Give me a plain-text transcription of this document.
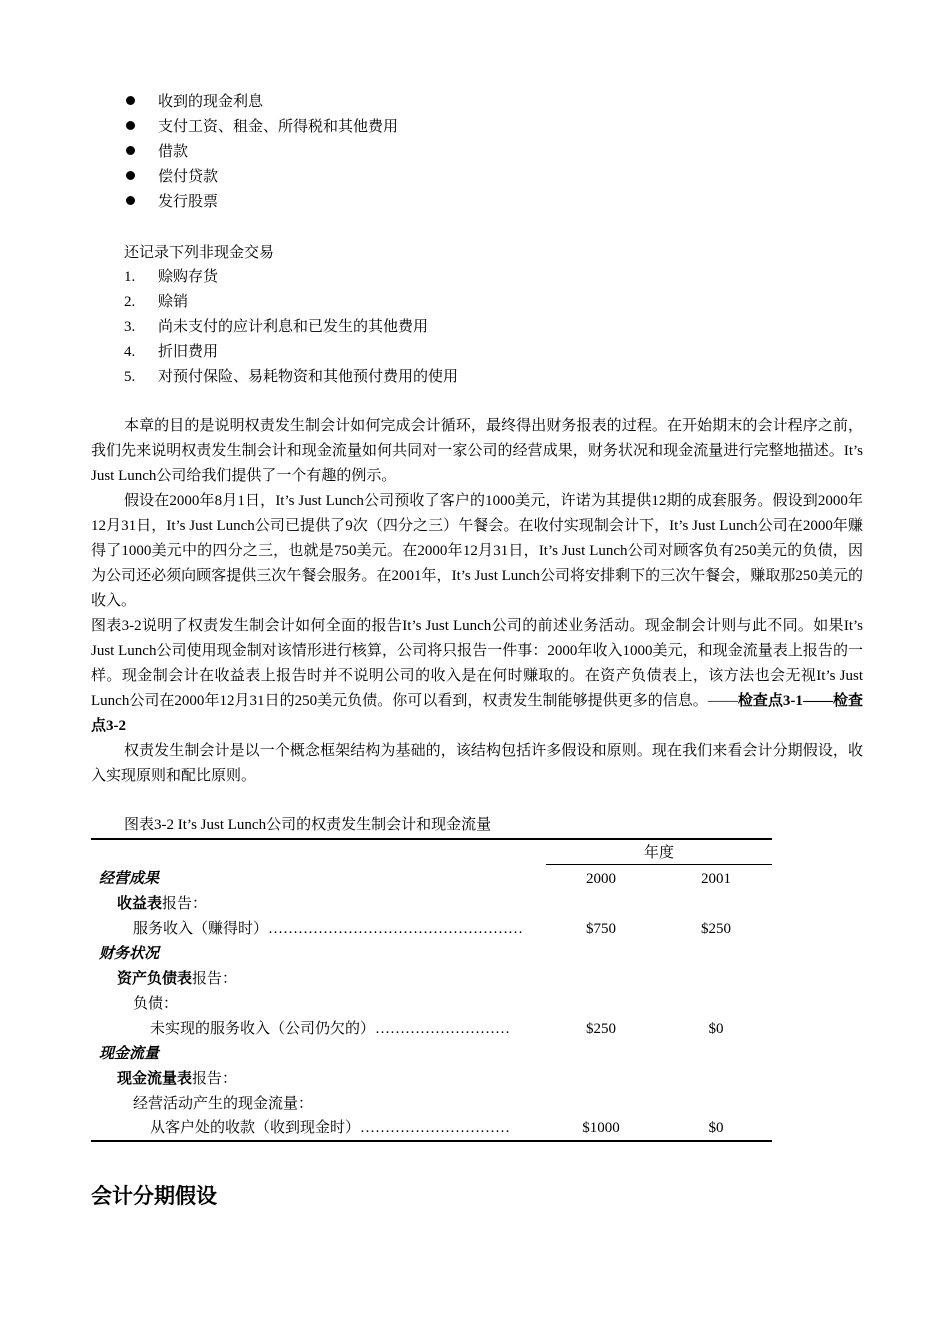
收到的现金利息
支付工资、租金、所得税和其他费用
借款
偿付贷款
发行股票
还记录下列非现金交易
1. 赊购存货
2. 赊销
3. 尚未支付的应计利息和已发生的其他费用
4. 折旧费用
5. 对预付保险、易耗物资和其他预付费用的使用

本章的目的是说明权责发生制会计如何完成会计循环，最终得出财务报表的过程。在开始期末的会计程序之前，我们先来说明权责发生制会计和现金流量如何共同对一家公司的经营成果，财务状况和现金流量进行完整地描述。It’s Just Lunch公司给我们提供了一个有趣的例示。

假设在2000年8月1日，It’s Just Lunch公司预收了客户的1000美元，许诺为其提供12期的成套服务。假设到2000年12月31日，It’s Just Lunch公司已提供了9次（四分之三）午餐会。在收付实现制会计下，It’s Just Lunch公司在2000年赚得了1000美元中的四分之三，也就是750美元。在2000年12月31日，It’s Just Lunch公司对顾客负有250美元的负债，因为公司还必须向顾客提供三次午餐会服务。在2001年，It’s Just Lunch公司将安排剩下的三次午餐会，赚取那250美元的收入。

图表3-2说明了权责发生制会计如何全面的报告It’s Just Lunch公司的前述业务活动。现金制会计则与此不同。如果It’s Just Lunch公司使用现金制对该情形进行核算，公司将只报告一件事：2000年收入1000美元，和现金流量表上报告的一样。现金制会计在收益表上报告时并不说明公司的收入是在何时赚取的。在资产负债表上，该方法也会无视It’s Just Lunch公司在2000年12月31日的250美元负债。你可以看到，权责发生制能够提供更多的信息。——检查点3-1——检查点3-2

权责发生制会计是以一个概念框架结构为基础的，该结构包括许多假设和原则。现在我们来看会计分期假设，收入实现原则和配比原则。

图表3-2 It’s Just Lunch公司的权责发生制会计和现金流量
年度
经营成果	2000	2001
收益表报告：
服务收入（赚得时）……………………………………………	$750	$250
财务状况
资产负债表报告：
负债：
未实现的服务收入（公司仍欠的）………………………	$250	$0
现金流量
现金流量表报告：
经营活动产生的现金流量：
从客户处的收款（收到现金时）…………………………	$1000	$0
会计分期假设
